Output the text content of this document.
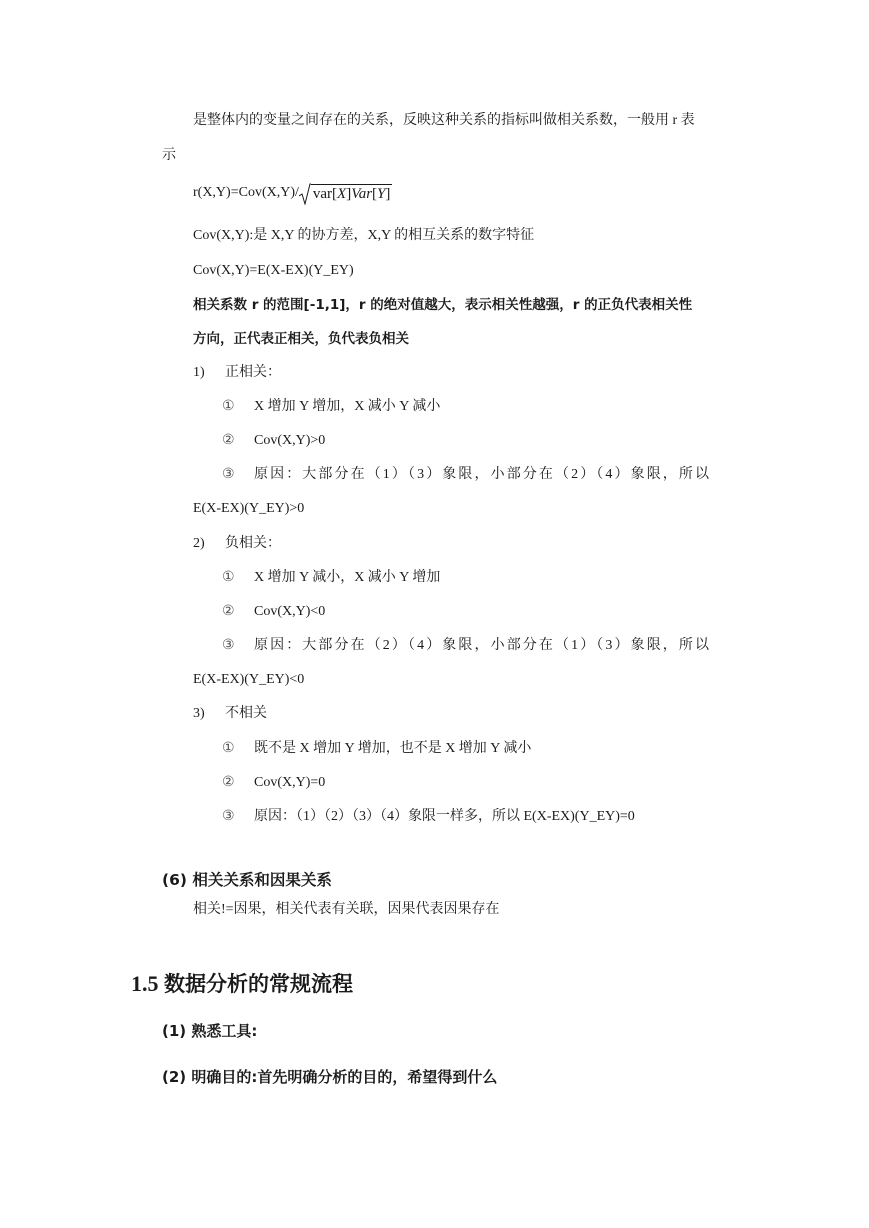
是整体内的变量之间存在的关系，反映这种关系的指标叫做相关系数，一般用 r 表
示
r(X,Y)=Cov(X,Y)/ var[X]Var[Y]
Cov(X,Y):是 X,Y 的协方差，X,Y 的相互关系的数字特征
Cov(X,Y)=E(X-EX)(Y_EY)
相关系数 r 的范围[-1,1]，r 的绝对值越大，表示相关性越强，r 的正负代表相关性
方向，正代表正相关，负代表负相关
1) 正相关：
① X 增加 Y 增加，X 减小 Y 减小
② Cov(X,Y)>0
③ 原因：大部分在（1）（3）象限，小部分在（2）（4）象限，所以
E(X-EX)(Y_EY)>0
2) 负相关：
① X 增加 Y 减小，X 减小 Y 增加
② Cov(X,Y)<0
③ 原因：大部分在（2）（4）象限，小部分在（1）（3）象限，所以
E(X-EX)(Y_EY)<0
3) 不相关
① 既不是 X 增加 Y 增加，也不是 X 增加 Y 减小
② Cov(X,Y)=0
③ 原因：（1）（2）（3）（4）象限一样多，所以 E(X-EX)(Y_EY)=0
(6) 相关关系和因果关系
相关!=因果，相关代表有关联，因果代表因果存在
1.5 数据分析的常规流程
(1) 熟悉工具:
(2) 明确目的:首先明确分析的目的，希望得到什么
